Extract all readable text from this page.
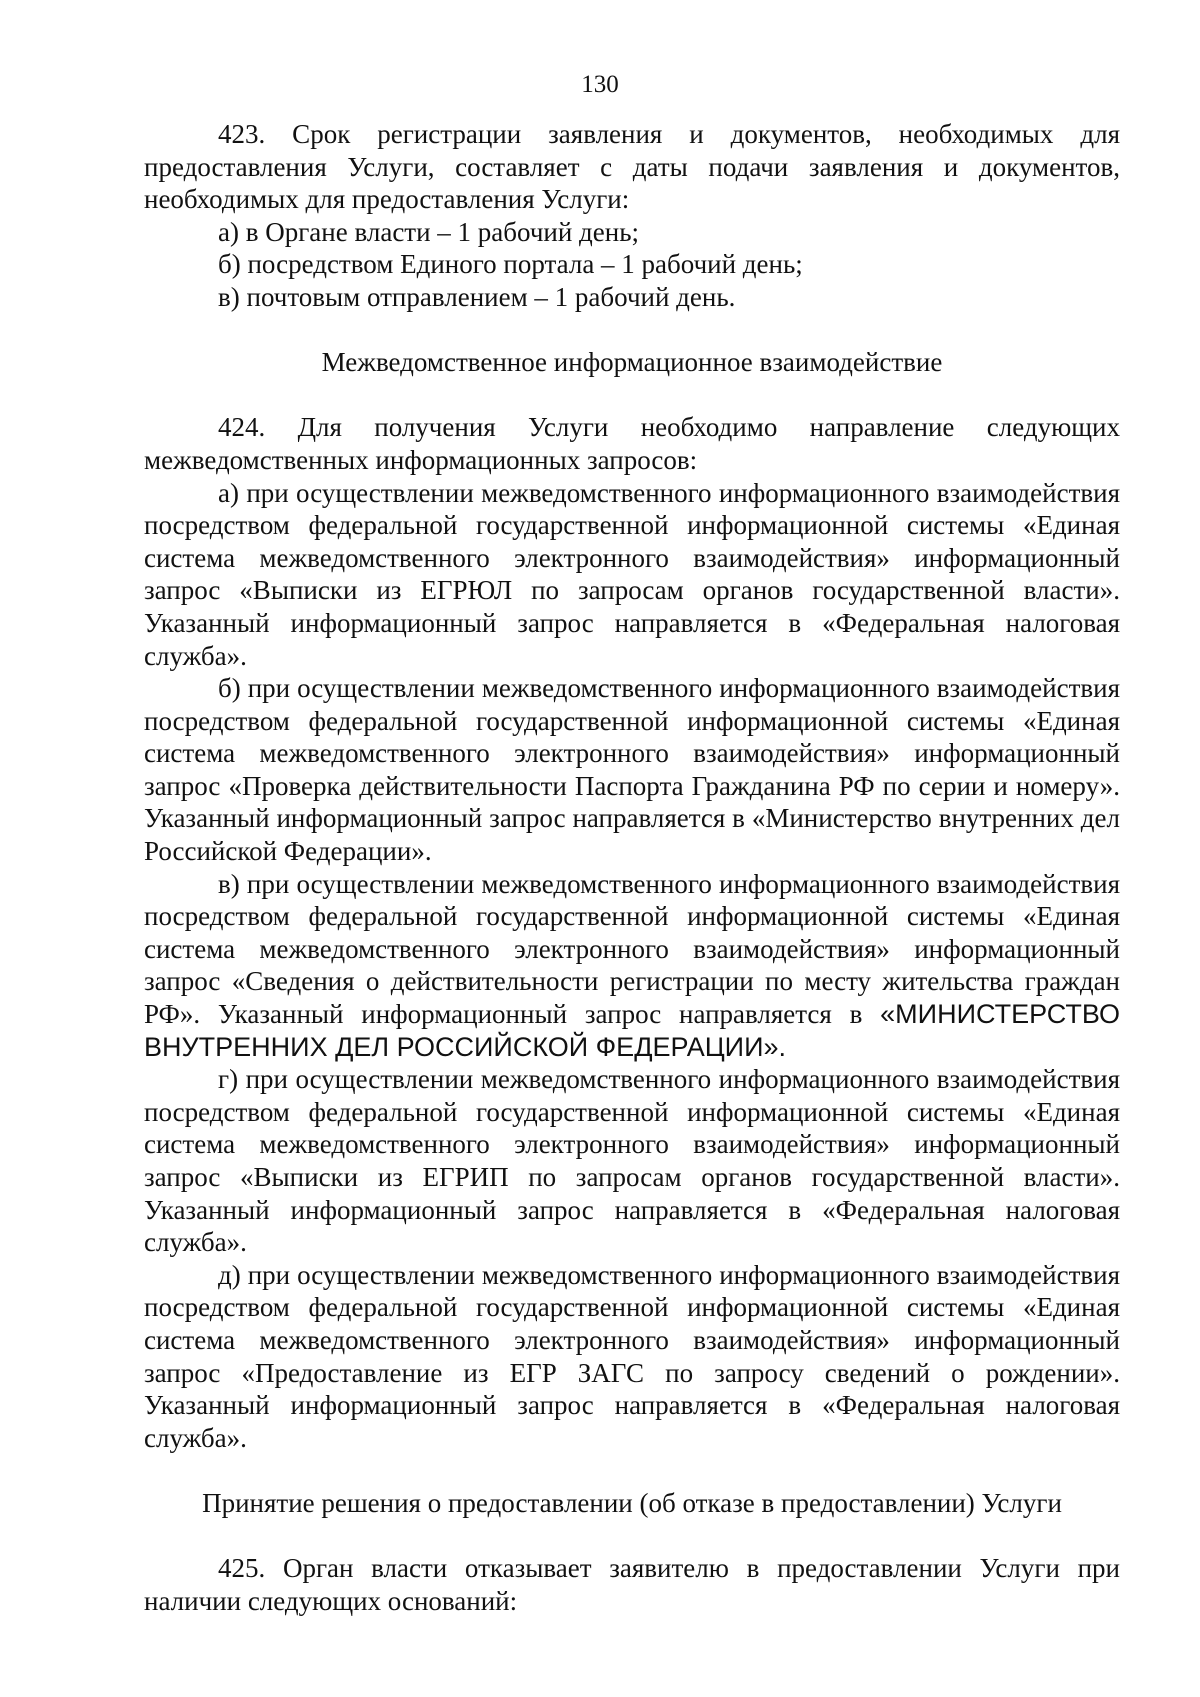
130

423. Срок регистрации заявления и документов, необходимых для предоставления Услуги, составляет с даты подачи заявления и документов, необходимых для предоставления Услуги:

а) в Органе власти – 1 рабочий день;

б) посредством Единого портала – 1 рабочий день;

в) почтовым отправлением – 1 рабочий день.

Межведомственное информационное взаимодействие

424. Для получения Услуги необходимо направление следующих межведомственных информационных запросов:

а) при осуществлении межведомственного информационного взаимодействия посредством федеральной государственной информационной системы «Единая система межведомственного электронного взаимодействия» информационный запрос «Выписки из ЕГРЮЛ по запросам органов государственной власти». Указанный информационный запрос направляется в «Федеральная налоговая служба».

б) при осуществлении межведомственного информационного взаимодействия посредством федеральной государственной информационной системы «Единая система межведомственного электронного взаимодействия» информационный запрос «Проверка действительности Паспорта Гражданина РФ по серии и номеру». Указанный информационный запрос направляется в «Министерство внутренних дел Российской Федерации».

в) при осуществлении межведомственного информационного взаимодействия посредством федеральной государственной информационной системы «Единая система межведомственного электронного взаимодействия» информационный запрос «Сведения о действительности регистрации по месту жительства граждан РФ». Указанный информационный запрос направляется в «МИНИСТЕРСТВО ВНУТРЕННИХ ДЕЛ РОССИЙСКОЙ ФЕДЕРАЦИИ».

г) при осуществлении межведомственного информационного взаимодействия посредством федеральной государственной информационной системы «Единая система межведомственного электронного взаимодействия» информационный запрос «Выписки из ЕГРИП по запросам органов государственной власти». Указанный информационный запрос направляется в «Федеральная налоговая служба».

д) при осуществлении межведомственного информационного взаимодействия посредством федеральной государственной информационной системы «Единая система межведомственного электронного взаимодействия» информационный запрос «Предоставление из ЕГР ЗАГС по запросу сведений о рождении». Указанный информационный запрос направляется в «Федеральная налоговая служба».

Принятие решения о предоставлении (об отказе в предоставлении) Услуги

425. Орган власти отказывает заявителю в предоставлении Услуги при наличии следующих оснований:
